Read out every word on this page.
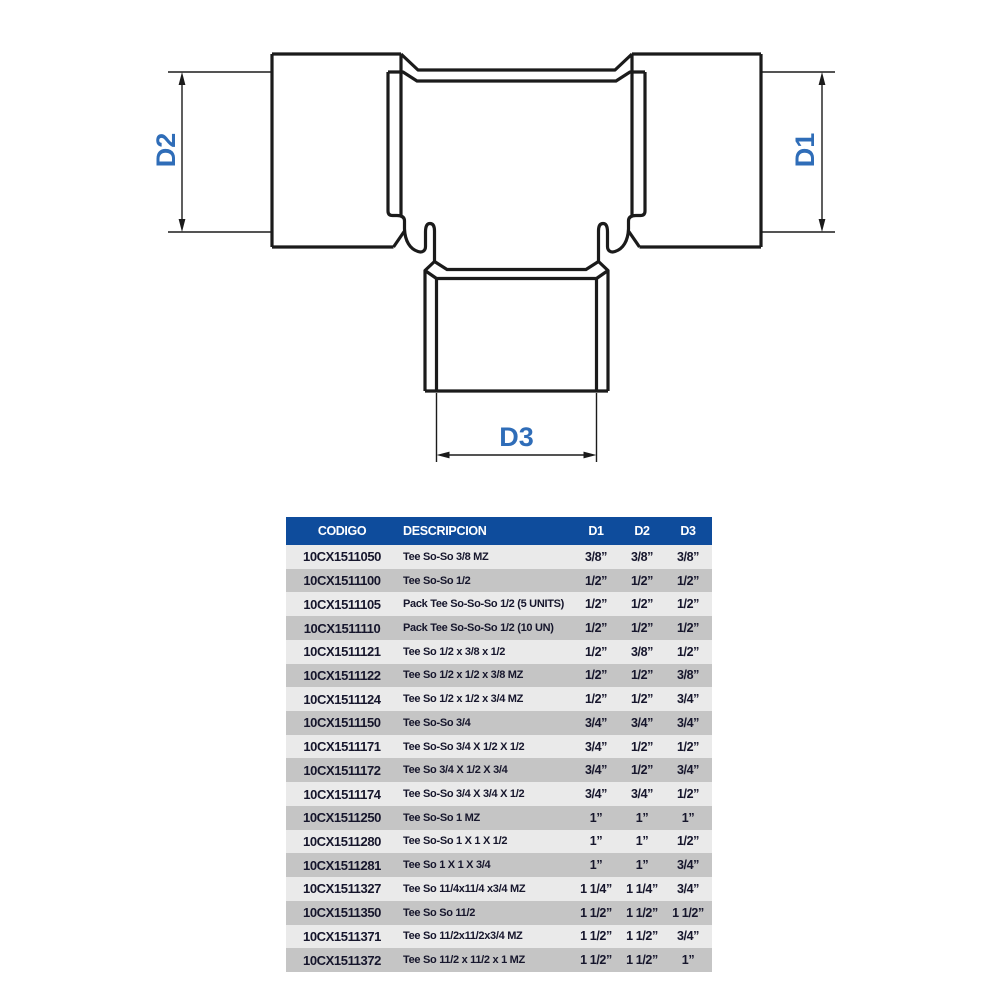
D2	D1
D3
CODIGO	DESCRIPCION	D1	D2	D3
10CX1511050	Tee So-So 3/8 MZ	3/8”	3/8”	3/8”
10CX1511100	Tee So-So 1/2	1/2”	1/2”	1/2”
10CX1511105	Pack Tee So-So-So 1/2 (5 UNITS)	1/2”	1/2”	1/2”
10CX1511110	Pack Tee So-So-So 1/2 (10 UN)	1/2”	1/2”	1/2”
10CX1511121	Tee So 1/2 x 3/8 x 1/2	1/2”	3/8”	1/2”
10CX1511122	Tee So 1/2 x 1/2 x 3/8 MZ	1/2”	1/2”	3/8”
10CX1511124	Tee So 1/2 x 1/2 x 3/4 MZ	1/2”	1/2”	3/4”
10CX1511150	Tee So-So 3/4	3/4”	3/4”	3/4”
10CX1511171	Tee So-So 3/4 X 1/2 X 1/2	3/4”	1/2”	1/2”
10CX1511172	Tee So 3/4 X 1/2 X 3/4	3/4”	1/2”	3/4”
10CX1511174	Tee So-So 3/4 X 3/4 X 1/2	3/4”	3/4”	1/2”
10CX1511250	Tee So-So 1 MZ	1”	1”	1”
10CX1511280	Tee So-So 1 X 1 X 1/2	1”	1”	1/2”
10CX1511281	Tee So 1 X 1 X 3/4	1”	1”	3/4”
10CX1511327	Tee So 11/4x11/4 x3/4 MZ	1 1/4”	1 1/4”	3/4”
10CX1511350	Tee So So 11/2	1 1/2”	1 1/2”	1 1/2”
10CX1511371	Tee So 11/2x11/2x3/4 MZ	1 1/2”	1 1/2”	3/4”
10CX1511372	Tee So 11/2 x 11/2 x 1 MZ	1 1/2”	1 1/2”	1”
